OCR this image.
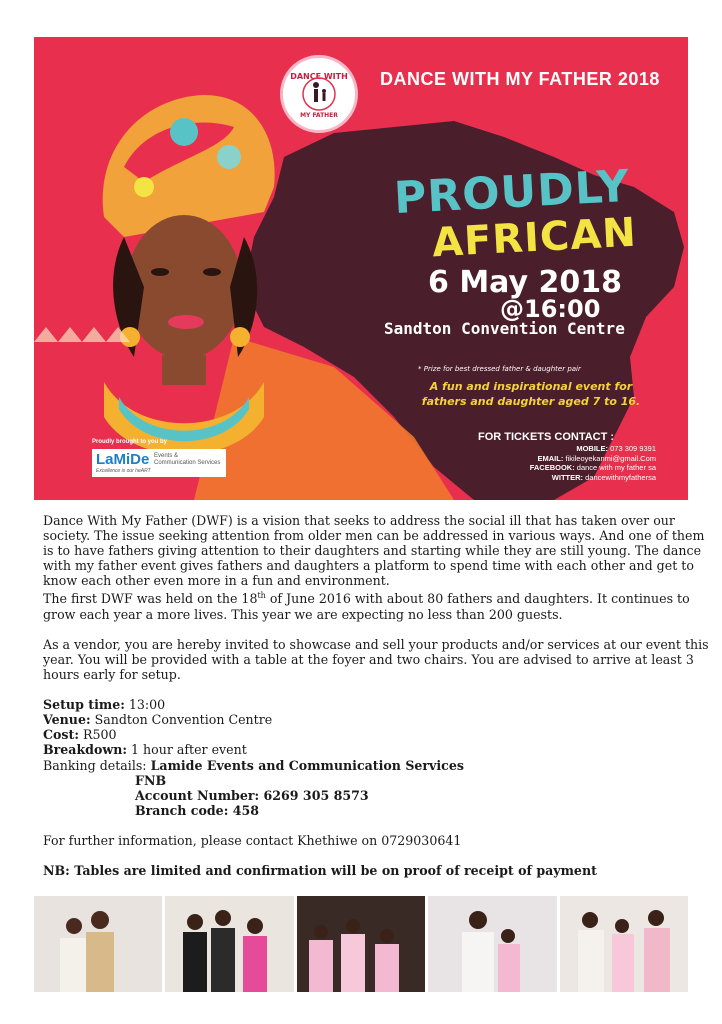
DANCE WITH
MY FATHER
DANCE WITH MY FATHER 2018
PROUDLY
AFRICAN
6 May 2018
@16:00
Sandton Convention Centre
* Prize for best dressed father & daughter pair
A fun and inspirational event for
fathers and daughter aged 7 to 16.
FOR TICKETS CONTACT :
MOBILE: 073 309 9391
EMAIL: fikileoyekanmi@gmail.Com
FACEBOOK: dance with my father sa
WITTER: dancewithmyfathersa
Proudly brought to you by
LaMiDe Events &
Communication Services
Excellence is our heART

Dance With My Father (DWF) is a vision that seeks to address the social ill that has taken over our society. The issue seeking attention from older men can be addressed in various ways. And one of them is to have fathers giving attention to their daughters and starting while they are still young. The dance with my father event gives fathers and daughters a platform to spend time with each other and get to know each other even more in a fun and environment.

The first DWF was held on the 18th of June 2016 with about 80 fathers and daughters. It continues to grow each year a more lives. This year we are expecting no less than 200 guests.

As a vendor, you are hereby invited to showcase and sell your products and/or services at our event this year. You will be provided with a table at the foyer and two chairs. You are advised to arrive at least 3 hours early for setup.

Setup time: 13:00

Venue: Sandton Convention Centre

Cost: R500

Breakdown: 1 hour after event

Banking details: Lamide Events and Communication Services

FNB

Account Number: 6269 305 8573

Branch code: 458

For further information, please contact Khethiwe on 0729030641

NB: Tables are limited and confirmation will be on proof of receipt of payment
